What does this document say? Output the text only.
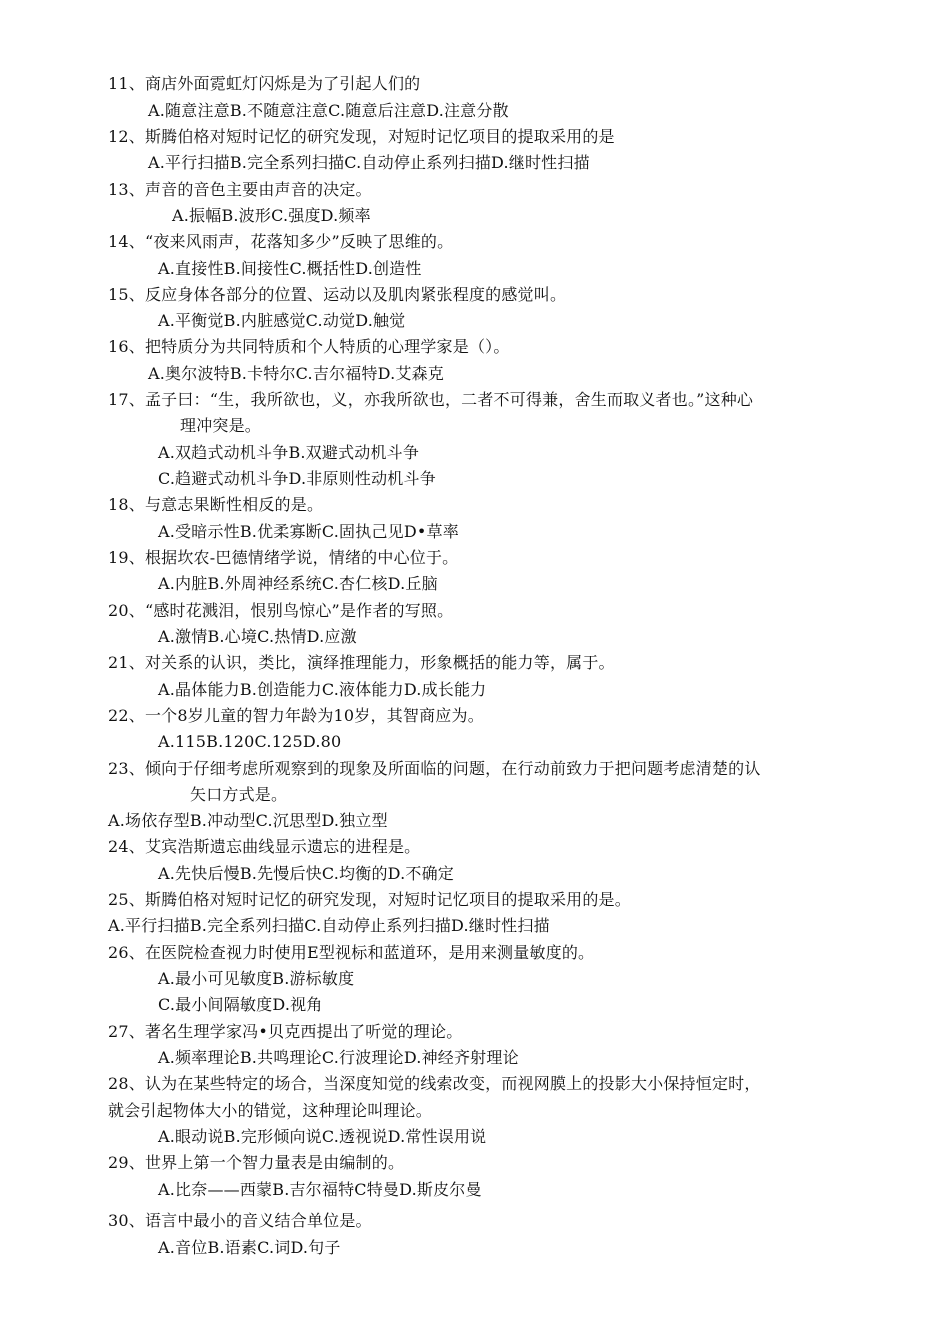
11、商店外面霓虹灯闪烁是为了引起人们的
A.随意注意B.不随意注意C.随意后注意D.注意分散
12、斯腾伯格对短时记忆的研究发现，对短时记忆项目的提取采用的是
A.平行扫描B.完全系列扫描C.自动停止系列扫描D.继时性扫描
13、声音的音色主要由声音的决定。
A.振幅B.波形C.强度D.频率
14、“夜来风雨声，花落知多少”反映了思维的。
A.直接性B.间接性C.概括性D.创造性
15、反应身体各部分的位置、运动以及肌肉紧张程度的感觉叫。
A.平衡觉B.内脏感觉C.动觉D.触觉
16、把特质分为共同特质和个人特质的心理学家是（）。
A.奥尔波特B.卡特尔C.吉尔福特D.艾森克
17、孟子曰：“生，我所欲也，义，亦我所欲也，二者不可得兼，舍生而取义者也。”这种心
理冲突是。
A.双趋式动机斗争B.双避式动机斗争
C.趋避式动机斗争D.非原则性动机斗争
18、与意志果断性相反的是。
A.受暗示性B.优柔寡断C.固执己见D•草率
19、根据坎农-巴德情绪学说，情绪的中心位于。
A.内脏B.外周神经系统C.杏仁核D.丘脑
20、“感时花溅泪，恨别鸟惊心”是作者的写照。
A.激情B.心境C.热情D.应激
21、对关系的认识，类比，演绎推理能力，形象概括的能力等，属于。
A.晶体能力B.创造能力C.液体能力D.成长能力
22、一个8岁儿童的智力年龄为10岁，其智商应为。
A.115B.120C.125D.80
23、倾向于仔细考虑所观察到的现象及所面临的问题，在行动前致力于把问题考虑清楚的认
矢口方式是。
A.场依存型B.冲动型C.沉思型D.独立型
24、艾宾浩斯遗忘曲线显示遗忘的进程是。
A.先快后慢B.先慢后快C.均衡的D.不确定
25、斯腾伯格对短时记忆的研究发现，对短时记忆项目的提取采用的是。
A.平行扫描B.完全系列扫描C.自动停止系列扫描D.继时性扫描
26、在医院检查视力时使用E型视标和蓝道环，是用来测量敏度的。
A.最小可见敏度B.游标敏度
C.最小间隔敏度D.视角
27、著名生理学家冯•贝克西提出了听觉的理论。
A.频率理论B.共鸣理论C.行波理论D.神经齐射理论
28、认为在某些特定的场合，当深度知觉的线索改变，而视网膜上的投影大小保持恒定时，
就会引起物体大小的错觉，这种理论叫理论。
A.眼动说B.完形倾向说C.透视说D.常性误用说
29、世界上第一个智力量表是由编制的。
A.比奈——西蒙B.吉尔福特C特曼D.斯皮尔曼
30、语言中最小的音义结合单位是。
A.音位B.语素C.词D.句子
